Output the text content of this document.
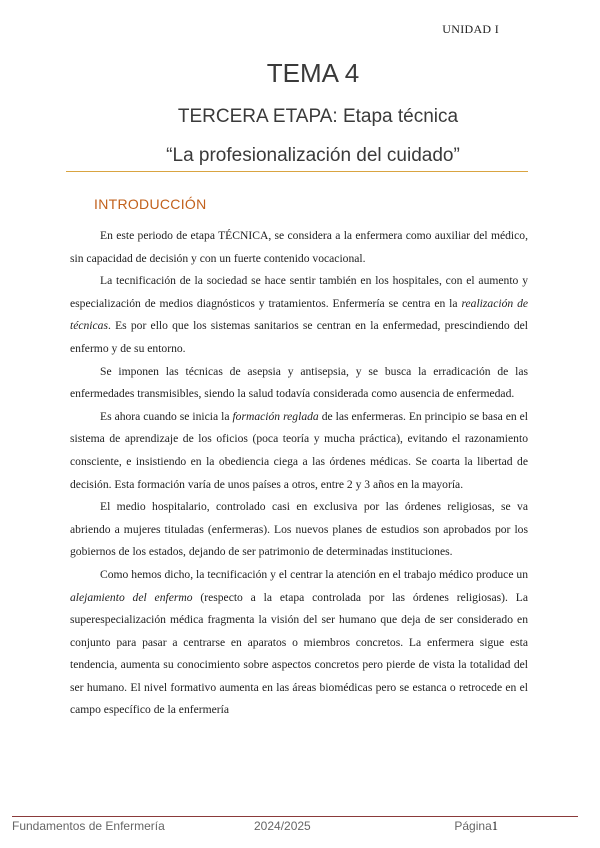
UNIDAD I
TEMA 4
TERCERA ETAPA: Etapa técnica
“La profesionalización del cuidado”
INTRODUCCIÓN

En este periodo de etapa TÉCNICA, se considera a la enfermera como auxiliar del médico, sin capacidad de decisión y con un fuerte contenido vocacional.

La tecnificación de la sociedad se hace sentir también en los hospitales, con el aumento y especialización de medios diagnósticos y tratamientos. Enfermería se centra en la realización de técnicas. Es por ello que los sistemas sanitarios se centran en la enfermedad, prescindiendo del enfermo y de su entorno.

Se imponen las técnicas de asepsia y antisepsia, y se busca la erradicación de las enfermedades transmisibles, siendo la salud todavía considerada como ausencia de enfermedad.

Es ahora cuando se inicia la formación reglada de las enfermeras. En principio se basa en el sistema de aprendizaje de los oficios (poca teoría y mucha práctica), evitando el razonamiento consciente, e insistiendo en la obediencia ciega a las órdenes médicas. Se coarta la libertad de decisión. Esta formación varía de unos países a otros, entre 2 y 3 años en la mayoría.

El medio hospitalario, controlado casi en exclusiva por las órdenes religiosas, se va abriendo a mujeres tituladas (enfermeras). Los nuevos planes de estudios son aprobados por los gobiernos de los estados, dejando de ser patrimonio de determinadas instituciones.

Como hemos dicho, la tecnificación y el centrar la atención en el trabajo médico produce un alejamiento del enfermo (respecto a la etapa controlada por las órdenes religiosas). La superespecialización médica fragmenta la visión del ser humano que deja de ser considerado en conjunto para pasar a centrarse en aparatos o miembros concretos. La enfermera sigue esta tendencia, aumenta su conocimiento sobre aspectos concretos pero pierde de vista la totalidad del ser humano. El nivel formativo aumenta en las áreas biomédicas pero se estanca o retrocede en el campo específico de la enfermería

Fundamentos de Enfermería	2024/2025	Página1
